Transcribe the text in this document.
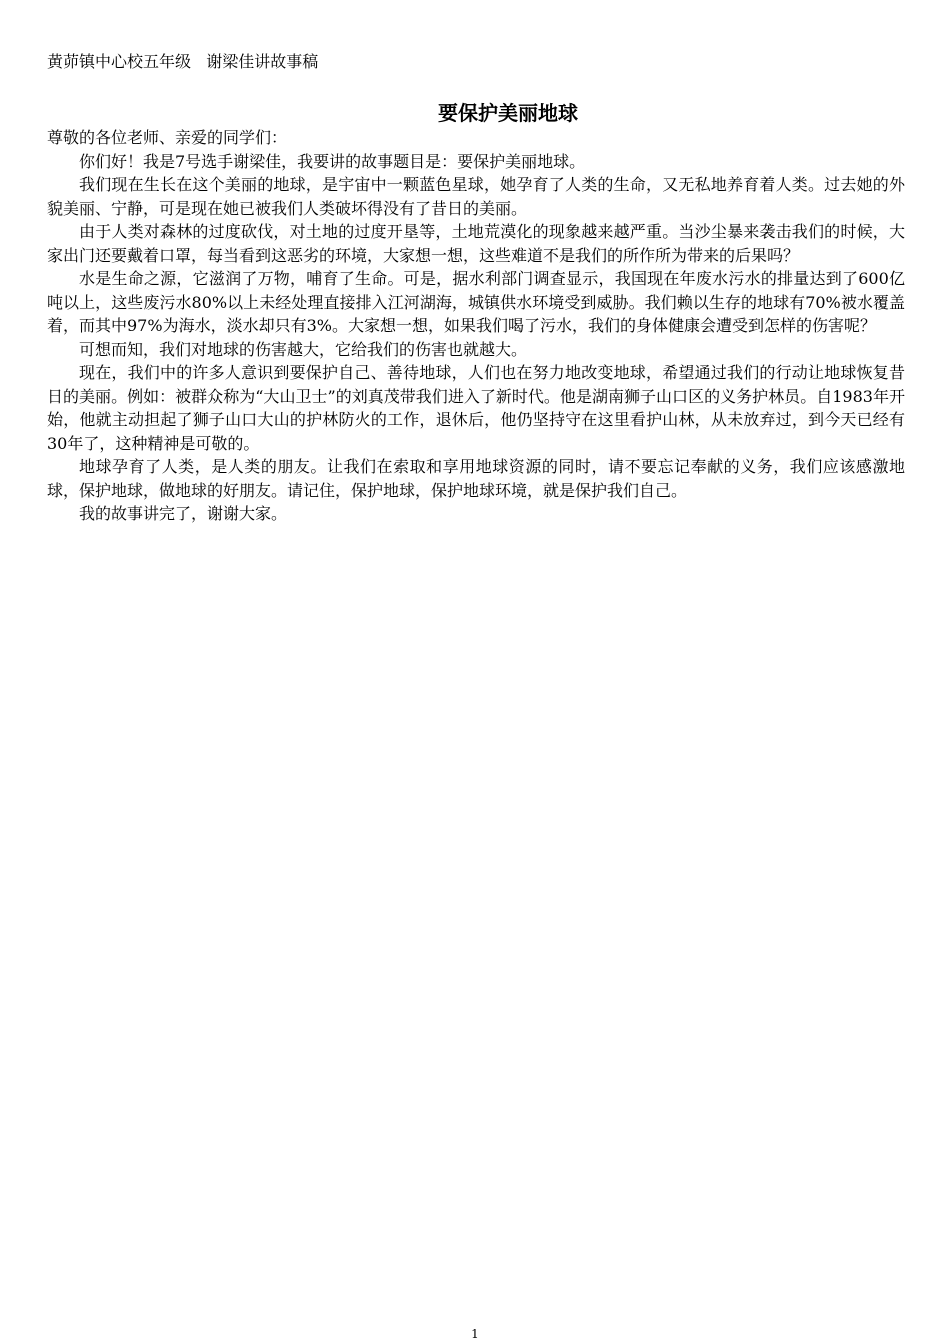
黄茆镇中心校五年级   谢梁佳讲故事稿
要保护美丽地球

尊敬的各位老师、亲爱的同学们：

你们好！我是7号选手谢梁佳，我要讲的故事题目是：要保护美丽地球。

我们现在生长在这个美丽的地球，是宇宙中一颗蓝色星球，她孕育了人类的生命，又无私地养育着人类。过去她的外貌美丽、宁静，可是现在她已被我们人类破坏得没有了昔日的美丽。

由于人类对森林的过度砍伐，对土地的过度开垦等，土地荒漠化的现象越来越严重。当沙尘暴来袭击我们的时候，大家出门还要戴着口罩，每当看到这恶劣的环境，大家想一想，这些难道不是我们的所作所为带来的后果吗？

水是生命之源，它滋润了万物，哺育了生命。可是，据水利部门调查显示，我国现在年废水污水的排量达到了600亿吨以上，这些废污水80%以上未经处理直接排入江河湖海，城镇供水环境受到威胁。我们赖以生存的地球有70%被水覆盖着，而其中97%为海水，淡水却只有3%。大家想一想，如果我们喝了污水，我们的身体健康会遭受到怎样的伤害呢？

可想而知，我们对地球的伤害越大，它给我们的伤害也就越大。

现在，我们中的许多人意识到要保护自己、善待地球，人们也在努力地改变地球，希望通过我们的行动让地球恢复昔日的美丽。例如：被群众称为“大山卫士”的刘真茂带我们进入了新时代。他是湖南狮子山口区的义务护林员。自1983年开始，他就主动担起了狮子山口大山的护林防火的工作，退休后，他仍坚持守在这里看护山林，从未放弃过，到今天已经有30年了，这种精神是可敬的。

地球孕育了人类，是人类的朋友。让我们在索取和享用地球资源的同时，请不要忘记奉献的义务，我们应该感激地球，保护地球，做地球的好朋友。请记住，保护地球，保护地球环境，就是保护我们自己。

我的故事讲完了，谢谢大家。

1
